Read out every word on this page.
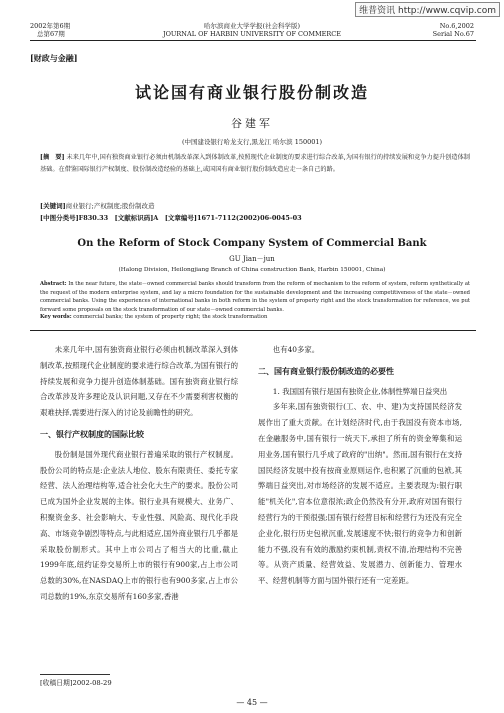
维普资讯 http://www.cqvip.com
2002年第6期
总第67期
哈尔滨商业大学学报(社会科学版)
JOURNAL OF HARBIN UNIVERSITY OF COMMERCE
No.6,2002
Serial No.67
[财政与金融]
试论国有商业银行股份制改造
谷建军
(中国建设银行哈龙支行,黑龙江 哈尔滨 150001)
[摘　要] 未来几年中,国有独资商业银行必须由机制改革深入到体制改革,按照现代企业制度的要求进行综合改革,为国有银行的持续发展和竞争力提升创造体制基础。在借鉴国际银行产权制度、股份制改造经验的基础上,或国国有商业银行股份制改造应走一条自己的路。
[关键词]商业银行;产权制度;股份制改造
[中图分类号]F830.33　[文献标识码]A　[文章编号]1671-7112(2002)06-0045-03
On the Reform of Stock Company System of Commercial Bank
GU Jian－jun
(Halong Division, Heilongjiang Branch of China construction Bank, Harbin 150001, China)
Abstract: In the near future, the state－owned commercial banks should transform from the reform of mechanism to the reform of system, reform synthetically at the request of the modern enterprise system, and lay a micro foundation for the sustainable development and the increasing competitiveness of the state－owned commercial banks. Using the experiences of international banks in both reform in the system of property right and the stock transformation for reference, we put forward some proposals on the stock transformation of our state－owned commercial banks.
Key words: commercial banks; the system of property right; the stock transformation

未来几年中,国有独资商业银行必须由机制改革深入到体制改革,按照现代企业制度的要求进行综合改革,为国有银行的持续发展和竞争力提升创造体制基础。国有独资商业银行综合改革涉及许多理论及认识问题,又存在不少需要利害权衡的艰难抉择,需要进行深入的讨论及前瞻性的研究。

一、银行产权制度的国际比较

股份制是国外现代商业银行普遍采取的银行产权制度。股份公司的特点是:企业法人地位、股东有限责任、委托专家经营、法人治理结构等,适合社会化大生产的要求。股份公司已成为国外企业发展的主体。银行业具有规模大、业务广、积聚资金多、社会影响大、专业性强、风险高、现代化手段高、市场竞争剧烈等特点,与此相适应,国外商业银行几乎都是采取股份制形式。其中上市公司占了相当大的比重,截止1999年底,纽约证券交易所上市的银行有900家,占上市公司总数的30%,在NASDAQ上市的银行也有900多家,占上市公司总数的19%,东京交易所有160多家,香港

也有40多家。

二、国有商业银行股份制改造的必要性
1. 我国国有银行是国有独资企业,体制性弊端日益突出

多年来,国有独资银行(工、农、中、建)为支持国民经济发展作出了重大贡献。在计划经济时代,由于我国没有资本市场,在金融服务中,国有银行一统天下,承担了所有的资金筹集和运用业务,国有银行几乎成了政府的"出纳"。然而,国有银行在支持国民经济发展中投有按商业原则运作,也积累了沉重的包袱,其弊端日益突出,对市场经济的发展不适应。主要表现为:银行职能"机关化",官本位意很浓;政企仍然没有分开,政府对国有银行经营行为的干预很强;国有银行经营目标和经营行为还没有完全企业化,银行历史包袱沉重,发展速度不快;银行的竞争力和创新能力不强,没有有效的激励约束机制,责权不清,治理结构不完善等。从资产质量、经营效益、发展潜力、创新能力、管理水平、经营机制等方面与国外银行还有一定差距。

[收稿日期]2002-08-29
— 45 —
